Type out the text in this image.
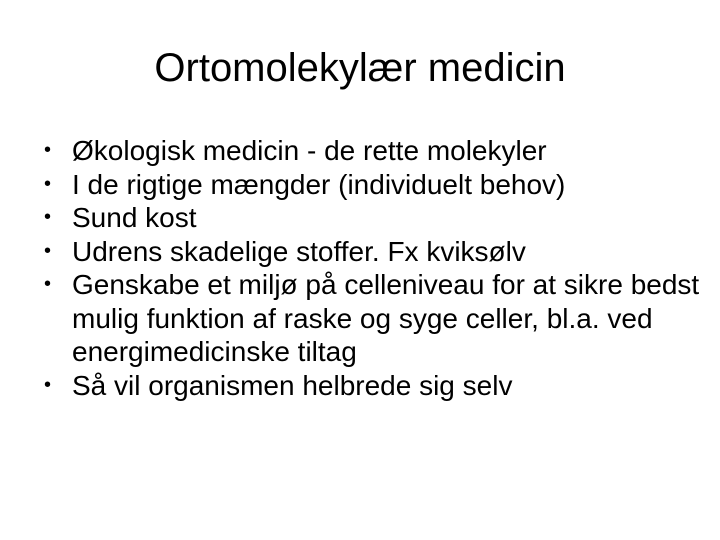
Ortomolekylær medicin
• Økologisk medicin - de rette molekyler
• I de rigtige mængder (individuelt behov)
• Sund kost
• Udrens skadelige stoffer. Fx kviksølv
• Genskabe et miljø på celleniveau for at sikre bedst mulig funktion af raske og syge celler, bl.a. ved energimedicinske tiltag
• Så vil organismen helbrede sig selv
